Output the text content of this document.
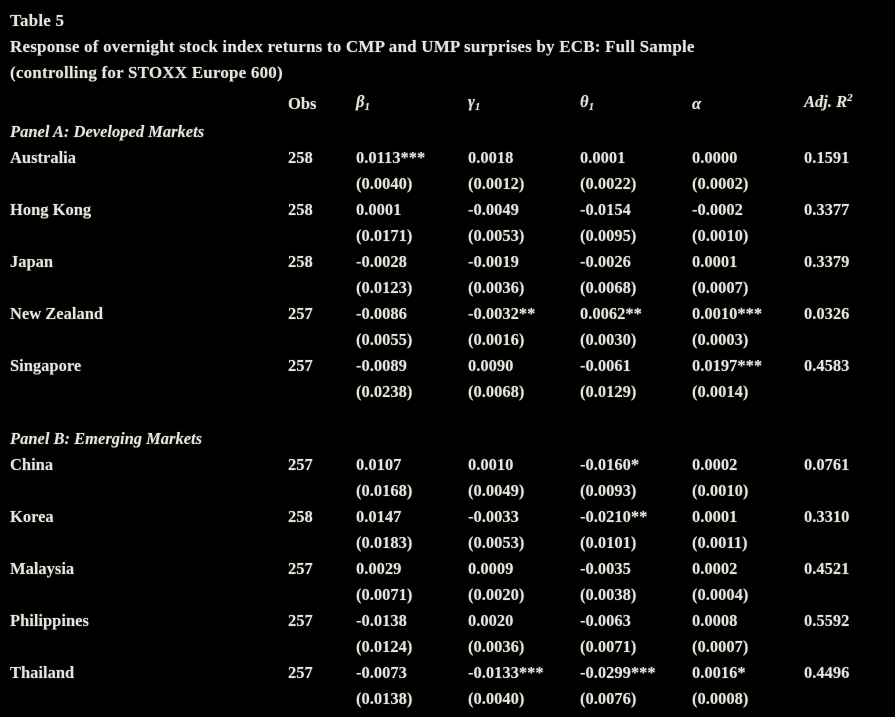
Table 5
Response of overnight stock index returns to CMP and UMP surprises by ECB: Full Sample
(controlling for STOXX Europe 600)
	Obs	β1	γ1	θ1	α	Adj. $R^2$
Panel A: Developed Markets						
Australia	258	0.0113***	0.0018	0.0001	0.0000	0.1591
		(0.0040)	(0.0012)	(0.0022)	(0.0002)	
Hong Kong	258	0.0001	-0.0049	-0.0154	-0.0002	0.3377
		(0.0171)	(0.0053)	(0.0095)	(0.0010)	
Japan	258	-0.0028	-0.0019	-0.0026	0.0001	0.3379
		(0.0123)	(0.0036)	(0.0068)	(0.0007)	
New Zealand	257	-0.0086	-0.0032**	0.0062**	0.0010***	0.0326
		(0.0055)	(0.0016)	(0.0030)	(0.0003)	
Singapore	257	-0.0089	0.0090	-0.0061	0.0197***	0.4583
		(0.0238)	(0.0068)	(0.0129)	(0.0014)	

Panel B: Emerging Markets						
China	257	0.0107	0.0010	-0.0160*	0.0002	0.0761
		(0.0168)	(0.0049)	(0.0093)	(0.0010)	
Korea	258	0.0147	-0.0033	-0.0210**	0.0001	0.3310
		(0.0183)	(0.0053)	(0.0101)	(0.0011)	
Malaysia	257	0.0029	0.0009	-0.0035	0.0002	0.4521
		(0.0071)	(0.0020)	(0.0038)	(0.0004)	
Philippines	257	-0.0138	0.0020	-0.0063	0.0008	0.5592
		(0.0124)	(0.0036)	(0.0071)	(0.0007)	
Thailand	257	-0.0073	-0.0133***	-0.0299***	0.0016*	0.4496
		(0.0138)	(0.0040)	(0.0076)	(0.0008)	
